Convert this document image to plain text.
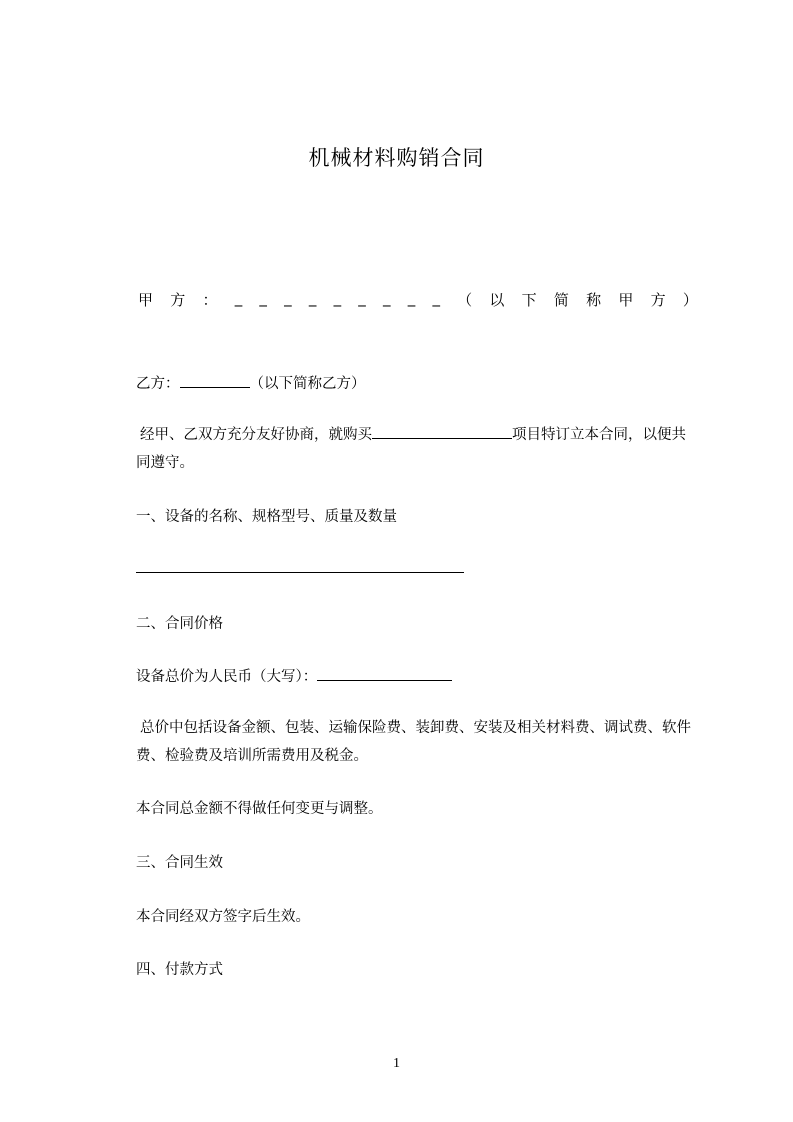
机械材料购销合同
甲 方 ： _ _ _ _ _ _ _ _ _ （ 以 下 简 称 甲 方 ）
乙方：	（以下简称乙方）
经甲、乙双方充分友好协商，就购买	项目特订立本合同，以便共同遵守。
一、设备的名称、规格型号、质量及数量
二、合同价格
设备总价为人民币（大写）：
总价中包括设备金额、包装、运输保险费、装卸费、安装及相关材料费、调试费、软件费、检验费及培训所需费用及税金。
本合同总金额不得做任何变更与调整。
三、合同生效
本合同经双方签字后生效。
四、付款方式
1
